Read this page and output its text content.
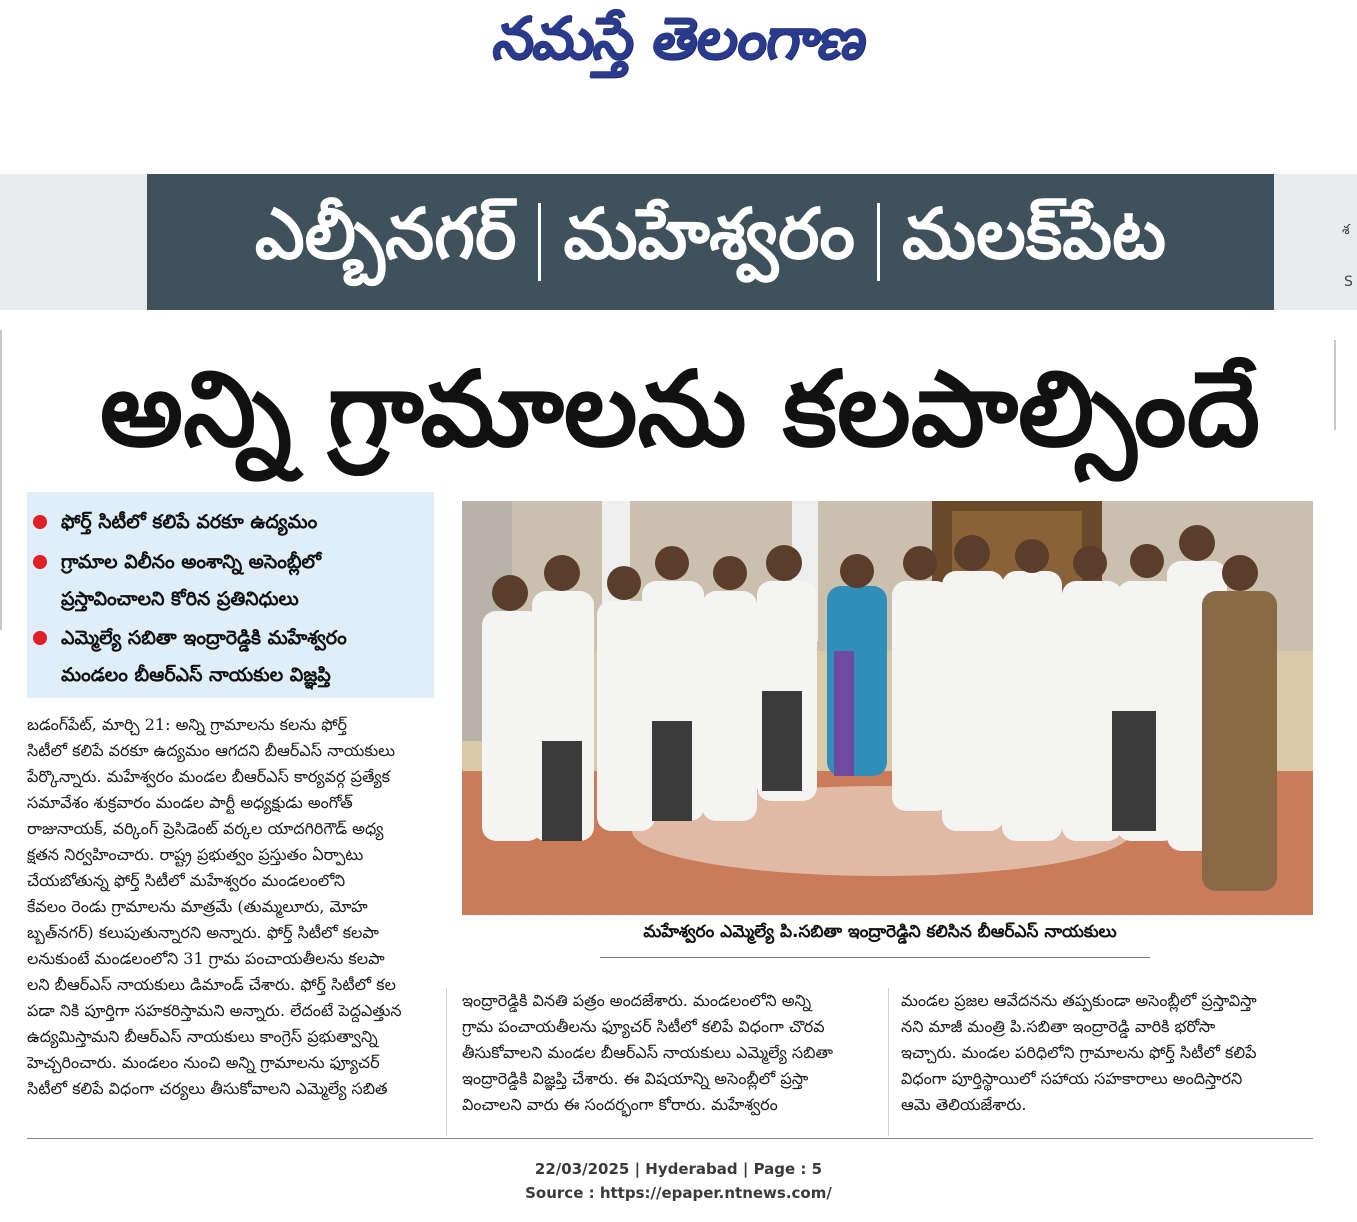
నమస్తే తెలంగాణ
ఎల్బీనగర్ మహేశ్వరం మలక్‌పేట	శ
S
అన్ని గ్రామాలను కలపాల్సిందే
ఫోర్త్‌ సిటీలో కలిపే వరకూ ఉద్యమం
గ్రామాల విలీనం అంశాన్ని అసెంబ్లీలో
ప్రస్తావించాలని కోరిన ప్రతినిధులు
ఎమ్మెల్యే సబితా ఇంద్రారెడ్డికి మహేశ్వరం
మండలం బీఆర్‌ఎస్‌ నాయకుల విజ్ఞప్తి
మహేశ్వరం ఎమ్మెల్యే పి.సబితా ఇంద్రారెడ్డిని కలిసిన బీఆర్‌ఎస్‌ నాయకులు
బడంగ్‌పేట్‌, మార్చి 21: అన్ని గ్రామాలను కలను ఫోర్త్‌
సిటీలో కలిపే వరకూ ఉద్యమం ఆగదని బీఆర్‌ఎస్‌ నాయకులు
పేర్కొన్నారు. మహేశ్వరం మండల బీఆర్‌ఎస్‌ కార్యవర్గ ప్రత్యేక
సమావేశం శుక్రవారం మండల పార్టీ అధ్యక్షుడు అంగోత్‌
రాజునాయక్‌, వర్కింగ్‌ ప్రెసిడెంట్‌ వర్కల యాదగిరిగౌడ్‌ అధ్య
క్షతన నిర్వహించారు. రాష్ట్ర ప్రభుత్వం ప్రస్తుతం ఏర్పాటు
చేయబోతున్న ఫోర్త్‌ సిటీలో మహేశ్వరం మండలంలోని
కేవలం రెండు గ్రామాలను మాత్రమే (తుమ్మలూరు, మోహ
బ్బత్‌నగర్‌) కలుపుతున్నారని అన్నారు. ఫోర్త్‌ సిటీలో కలపా
లనుకుంటే మండలంలోని 31 గ్రామ పంచాయతీలను కలపా
లని బీఆర్‌ఎస్‌ నాయకులు డిమాండ్‌ చేశారు. ఫోర్త్‌ సిటీలో కల
పడా నికి పూర్తిగా సహకరిస్తామని అన్నారు. లేదంటే పెద్దఎత్తున
ఉద్యమిస్తామని బీఆర్‌ఎస్‌ నాయకులు కాంగ్రెస్‌ ప్రభుత్వాన్ని
హెచ్చరించారు. మండలం నుంచి అన్ని గ్రామాలను ఫ్యూచర్‌
సిటీలో కలిపే విధంగా చర్యలు తీసుకోవాలని ఎమ్మెల్యే సబిత
ఇంద్రారెడ్డికి వినతి పత్రం అందజేశారు. మండలంలోని అన్ని
గ్రామ పంచాయతీలను ఫ్యూచర్‌ సిటీలో కలిపే విధంగా చొరవ
తీసుకోవాలని మండల బీఆర్‌ఎస్‌ నాయకులు ఎమ్మెల్యే సబితా
ఇంద్రారెడ్డికి విజ్ఞప్తి చేశారు. ఈ విషయాన్ని అసెంబ్లీలో ప్రస్తా
వించాలని వారు ఈ సందర్భంగా కోరారు. మహేశ్వరం
మండల ప్రజల ఆవేదనను తప్పకుండా అసెంబ్లీలో ప్రస్తావిస్తా
నని మాజీ మంత్రి పి.సబితా ఇంద్రారెడ్డి వారికి భరోసా
ఇచ్చారు. మండల పరిధిలోని గ్రామాలను ఫోర్త్‌ సిటీలో కలిపే
విధంగా పూర్తిస్థాయిలో సహాయ సహకారాలు అందిస్తారని
ఆమె తెలియజేశారు.
22/03/2025 | Hyderabad | Page : 5
Source : https://epaper.ntnews.com/
